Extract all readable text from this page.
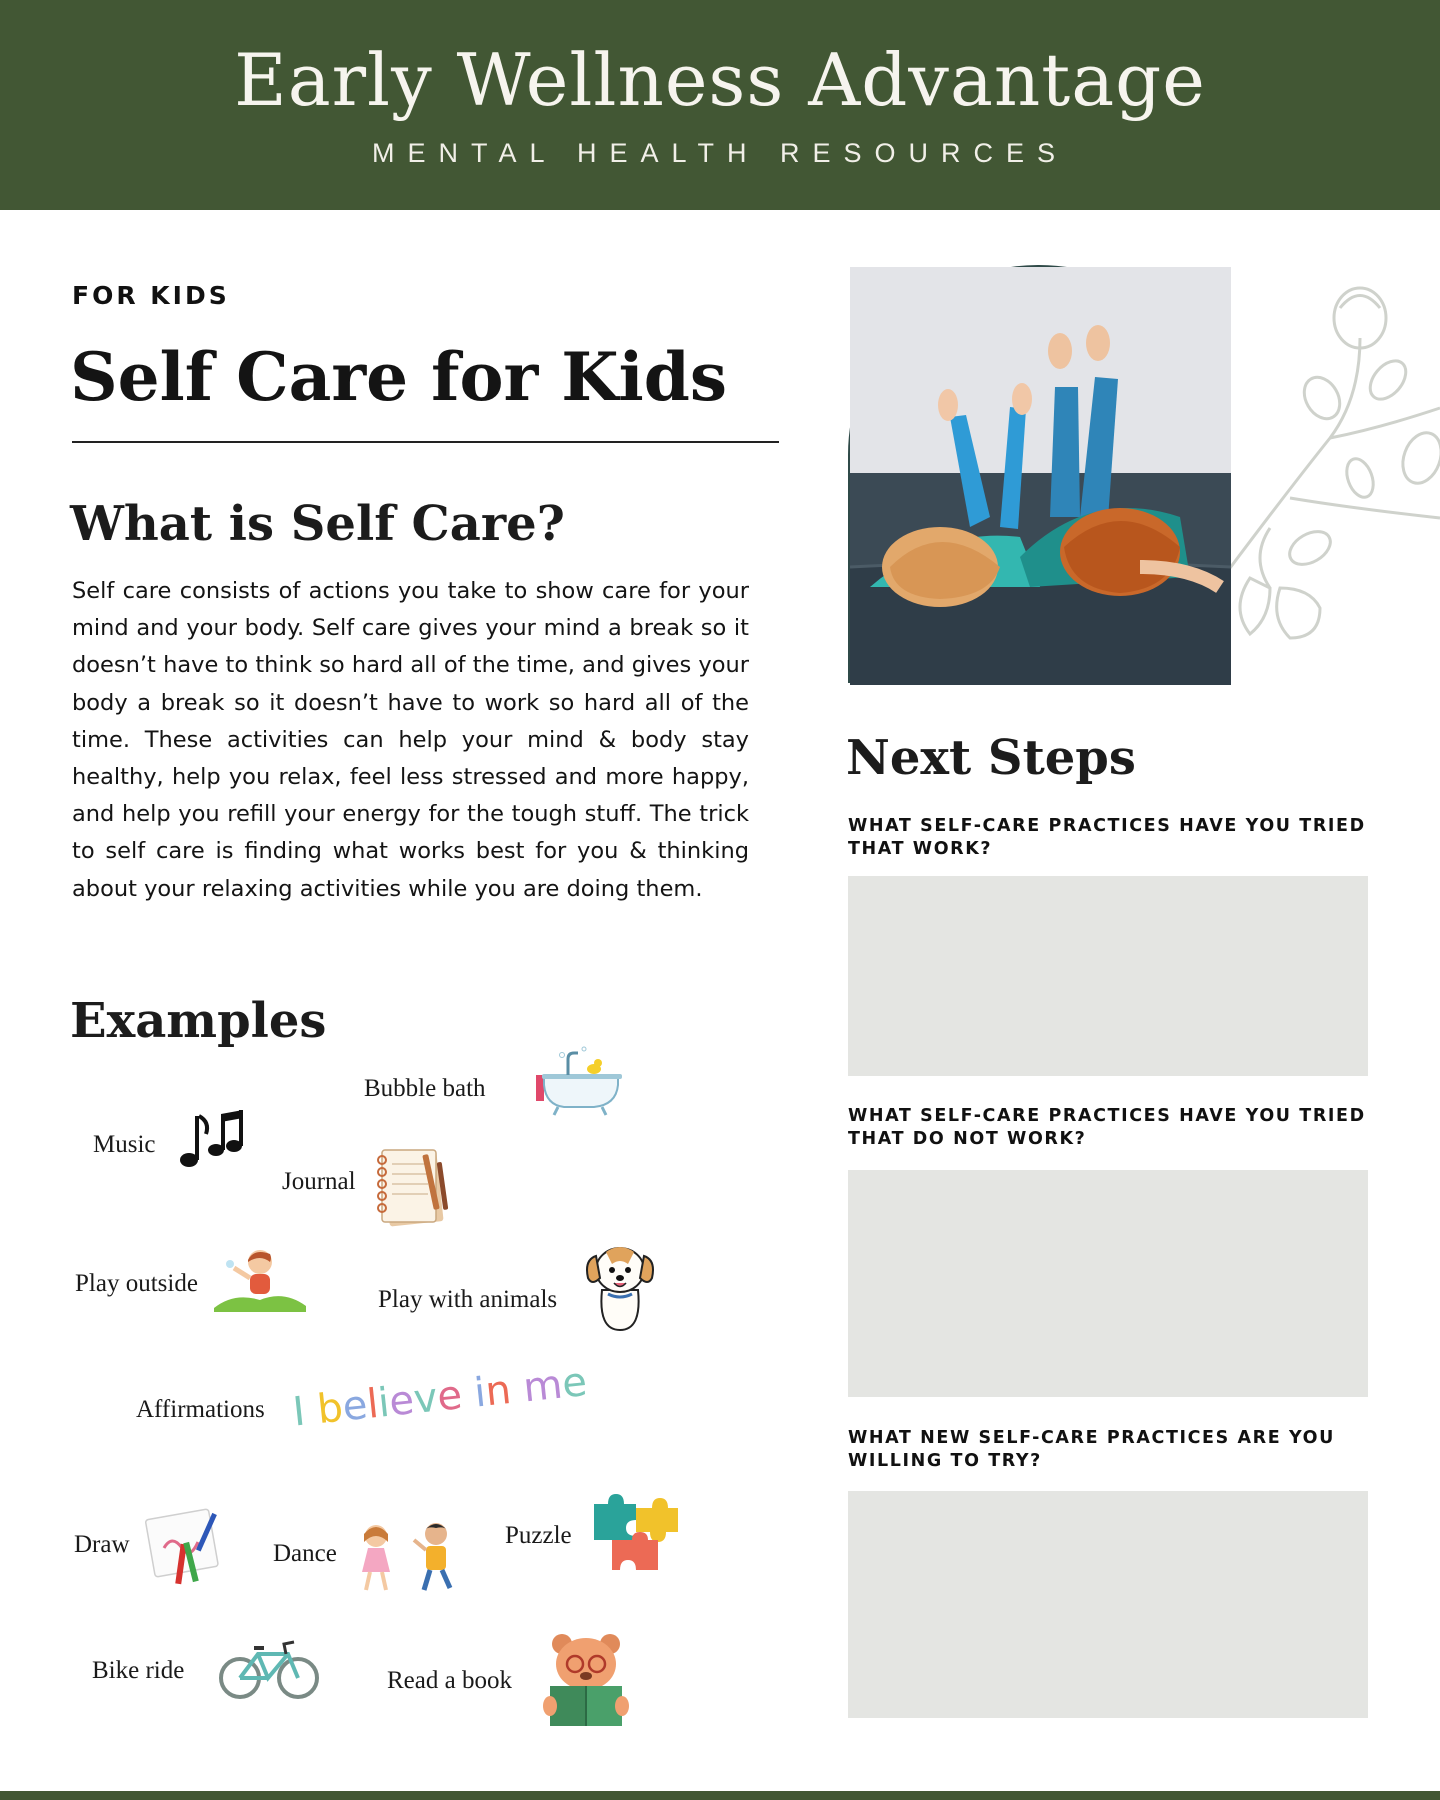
Early Wellness Advantage
MENTAL HEALTH RESOURCES
FOR KIDS
Self Care for Kids
What is Self Care?

Self care consists of actions you take to show care for your mind and your body. Self care gives your mind a break so it doesn’t have to think so hard all of the time, and gives your body a break so it doesn’t have to work so hard all of the time. These activities can help your mind & body stay healthy, help you relax, feel less stressed and more happy, and help you refill your energy for the tough stuff. The trick to self care is finding what works best for you & thinking about your relaxing activities while you are doing them.

Examples
Bubble bath
Music
Journal
Play outside
Play with animals
Affirmations I believe in me
Draw	Dance
Puzzle
Bike ride	Read a book
Next Steps
WHAT SELF-CARE PRACTICES HAVE YOU TRIED THAT WORK?
WHAT SELF-CARE PRACTICES HAVE YOU TRIED THAT DO NOT WORK?
WHAT NEW SELF-CARE PRACTICES ARE YOU WILLING TO TRY?
